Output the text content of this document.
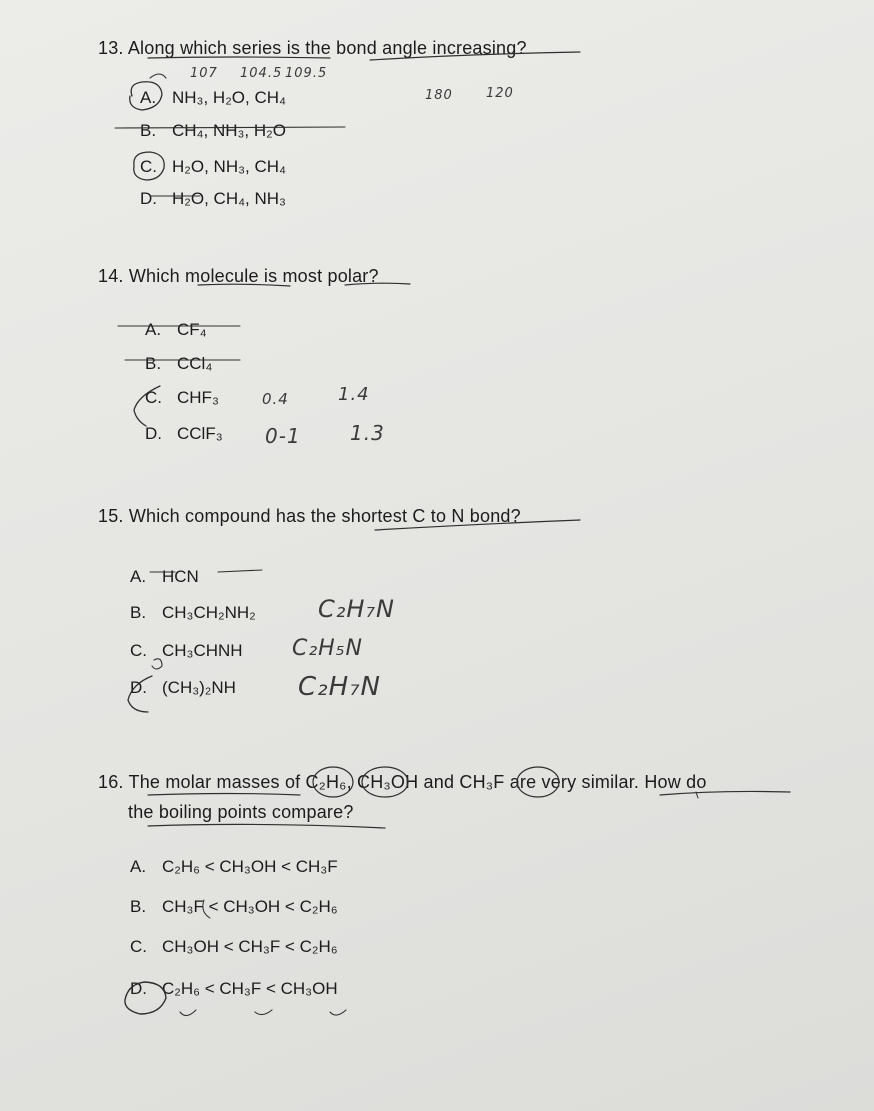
13. Along which series is the bond angle increasing?
A. NH₃, H₂O, CH₄
B. CH₄, NH₃, H₂O
C. H₂O, NH₃, CH₄
D. H₂O, CH₄, NH₃
107 104.5 109.5
180	120
14. Which molecule is most polar?
A. CF₄
B. CCl₄
C. CHF₃
D. CClF₃
0.4	1.4
0-1 1.3
15. Which compound has the shortest C to N bond?
A. HCN
B. CH₃CH₂NH₂
C. CH₃CHNH
D. (CH₃)₂NH
C₂H₇N
C₂H₅N
C₂H₇N
16. The molar masses of C₂H₆, CH₃OH and CH₃F are very similar. How do
the boiling points compare?
A. C₂H₆ < CH₃OH < CH₃F
B. CH₃F < CH₃OH < C₂H₆
C. CH₃OH < CH₃F < C₂H₆
D. C₂H₆ < CH₃F < CH₃OH
